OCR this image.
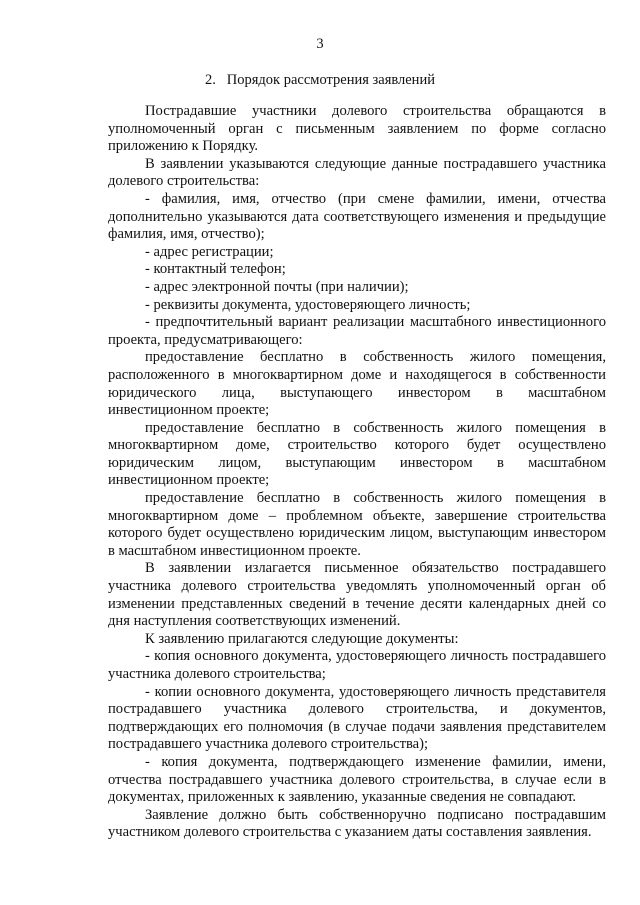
3
2.   Порядок рассмотрения заявлений

Пострадавшие участники долевого строительства обращаются в уполномоченный орган с письменным заявлением по форме согласно приложению к Порядку.

В заявлении указываются следующие данные пострадавшего участника долевого строительства:

- фамилия, имя, отчество (при смене фамилии, имени, отчества дополнительно указываются дата соответствующего изменения и предыдущие фамилия, имя, отчество);

- адрес регистрации;

- контактный телефон;

- адрес электронной почты (при наличии);

- реквизиты документа, удостоверяющего личность;

- предпочтительный вариант реализации масштабного инвестиционного проекта, предусматривающего:

предоставление бесплатно в собственность жилого помещения, расположенного в многоквартирном доме и находящегося в собственности юридического лица, выступающего инвестором в масштабном инвестиционном проекте;

предоставление бесплатно в собственность жилого помещения в многоквартирном доме, строительство которого будет осуществлено юридическим лицом, выступающим инвестором в масштабном инвестиционном проекте;

предоставление бесплатно в собственность жилого помещения в многоквартирном доме – проблемном объекте, завершение строительства которого будет осуществлено юридическим лицом, выступающим инвестором в масштабном инвестиционном проекте.

В заявлении излагается письменное обязательство пострадавшего участника долевого строительства уведомлять уполномоченный орган об изменении представленных сведений в течение десяти календарных дней со дня наступления соответствующих изменений.

К заявлению прилагаются следующие документы:

- копия основного документа, удостоверяющего личность пострадавшего участника долевого строительства;

- копии основного документа, удостоверяющего личность представителя пострадавшего участника долевого строительства, и документов, подтверждающих его полномочия (в случае подачи заявления представителем пострадавшего участника долевого строительства);

- копия документа, подтверждающего изменение фамилии, имени, отчества пострадавшего участника долевого строительства, в случае если в документах, приложенных к заявлению, указанные сведения не совпадают.

Заявление должно быть собственноручно подписано пострадавшим участником долевого строительства с указанием даты составления заявления.
